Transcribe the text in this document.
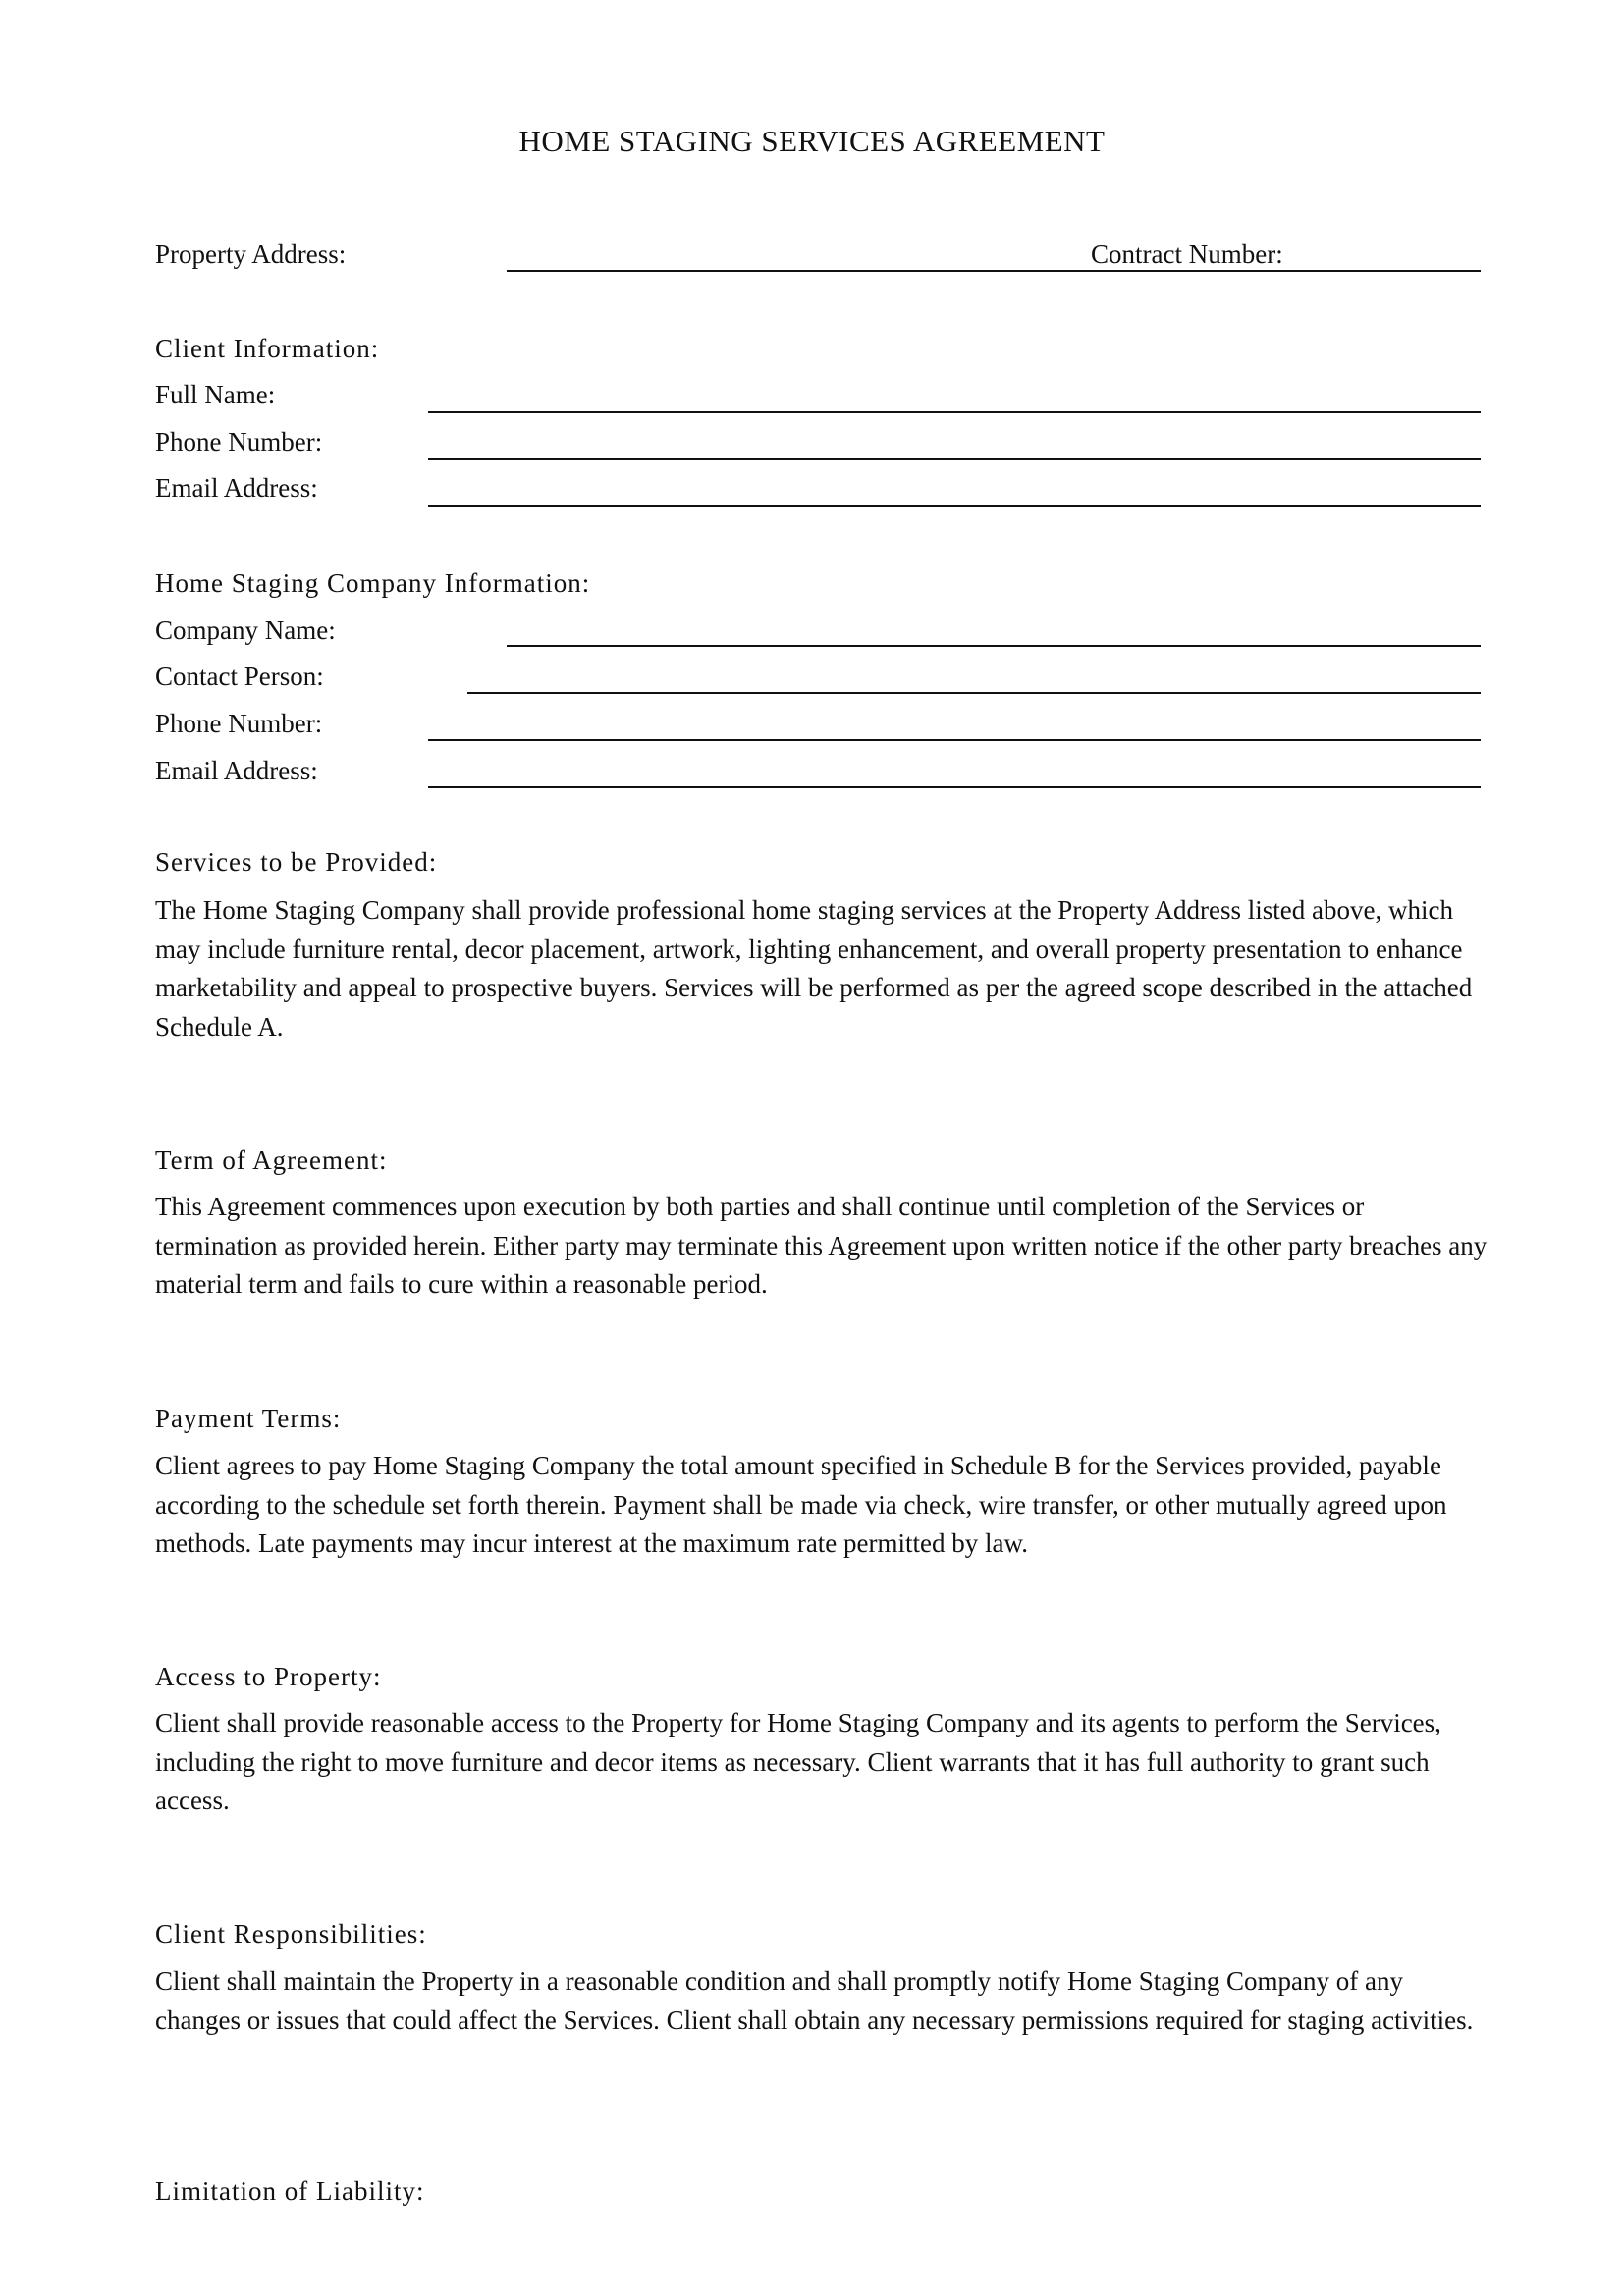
HOME STAGING SERVICES AGREEMENT
Property Address:	Contract Number:
Client Information:
Full Name:
Phone Number:
Email Address:
Home Staging Company Information:
Company Name:
Contact Person:
Phone Number:
Email Address:
Services to be Provided:
The Home Staging Company shall provide professional home staging services at the Property Address listed above, which may include furniture rental, decor placement, artwork, lighting enhancement, and overall property presentation to enhance marketability and appeal to prospective buyers. Services will be performed as per the agreed scope described in the attached Schedule A.
Term of Agreement:
This Agreement commences upon execution by both parties and shall continue until completion of the Services or termination as provided herein. Either party may terminate this Agreement upon written notice if the other party breaches any material term and fails to cure within a reasonable period.
Payment Terms:
Client agrees to pay Home Staging Company the total amount specified in Schedule B for the Services provided, payable according to the schedule set forth therein. Payment shall be made via check, wire transfer, or other mutually agreed upon methods. Late payments may incur interest at the maximum rate permitted by law.
Access to Property:
Client shall provide reasonable access to the Property for Home Staging Company and its agents to perform the Services, including the right to move furniture and decor items as necessary. Client warrants that it has full authority to grant such access.
Client Responsibilities:
Client shall maintain the Property in a reasonable condition and shall promptly notify Home Staging Company of any changes or issues that could affect the Services. Client shall obtain any necessary permissions required for staging activities.
Limitation of Liability:
